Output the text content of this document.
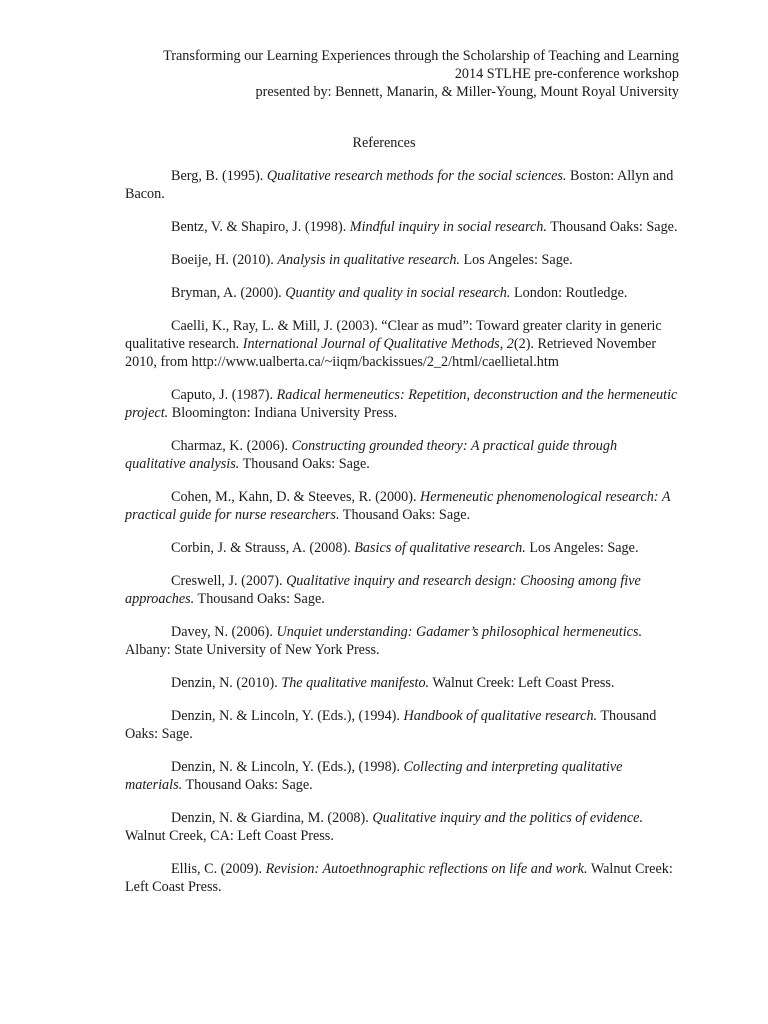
Transforming our Learning Experiences through the Scholarship of Teaching and Learning
2014 STLHE pre-conference workshop
presented by: Bennett, Manarin, & Miller-Young, Mount Royal University
References

Berg, B. (1995). Qualitative research methods for the social sciences. Boston: Allyn and Bacon.

Bentz, V. & Shapiro, J. (1998). Mindful inquiry in social research. Thousand Oaks: Sage.

Boeije, H. (2010). Analysis in qualitative research. Los Angeles: Sage.

Bryman, A. (2000). Quantity and quality in social research. London: Routledge.

Caelli, K., Ray, L. & Mill, J. (2003). “Clear as mud”: Toward greater clarity in generic qualitative research. International Journal of Qualitative Methods, 2(2). Retrieved November 2010, from http://www.ualberta.ca/~iiqm/backissues/2_2/html/caellietal.htm

Caputo, J. (1987). Radical hermeneutics: Repetition, deconstruction and the hermeneutic project. Bloomington: Indiana University Press.

Charmaz, K. (2006). Constructing grounded theory: A practical guide through qualitative analysis. Thousand Oaks: Sage.

Cohen, M., Kahn, D. & Steeves, R. (2000). Hermeneutic phenomenological research: A practical guide for nurse researchers. Thousand Oaks: Sage.

Corbin, J. & Strauss, A. (2008). Basics of qualitative research. Los Angeles: Sage.

Creswell, J. (2007). Qualitative inquiry and research design: Choosing among five approaches. Thousand Oaks: Sage.

Davey, N. (2006). Unquiet understanding: Gadamer’s philosophical hermeneutics. Albany: State University of New York Press.

Denzin, N. (2010). The qualitative manifesto. Walnut Creek: Left Coast Press.

Denzin, N. & Lincoln, Y. (Eds.), (1994). Handbook of qualitative research. Thousand Oaks: Sage.

Denzin, N. & Lincoln, Y. (Eds.), (1998). Collecting and interpreting qualitative materials. Thousand Oaks: Sage.

Denzin, N. & Giardina, M. (2008). Qualitative inquiry and the politics of evidence. Walnut Creek, CA: Left Coast Press.

Ellis, C. (2009). Revision: Autoethnographic reflections on life and work. Walnut Creek: Left Coast Press.
